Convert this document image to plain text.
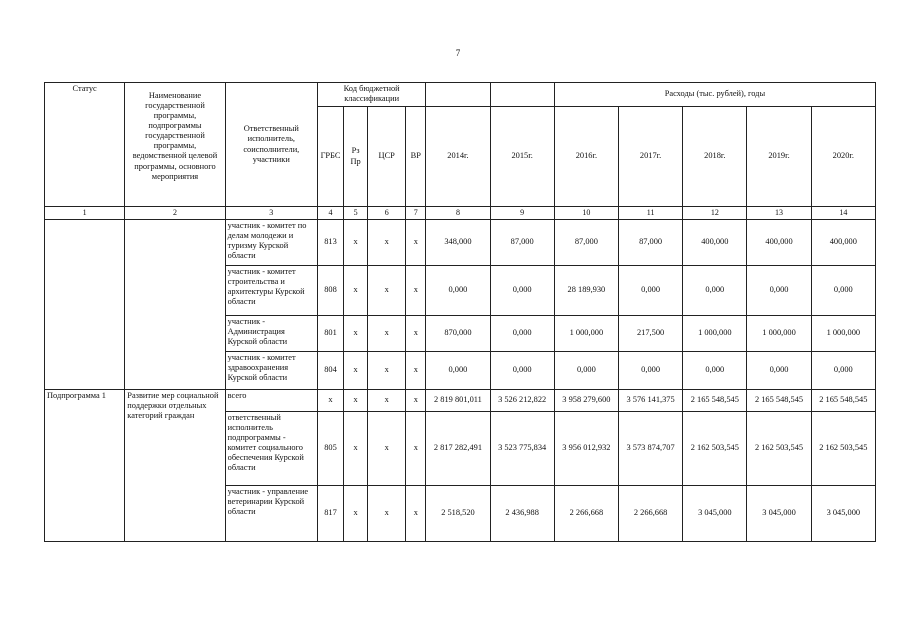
7
Статус	Наименование государственной программы, подпрограммы государственной программы, ведомственной целевой программы, основного мероприятия	Ответственный исполнитель, соисполнители, участники	Код бюджетной классификации						Расходы (тыс. рублей), годы				
			ГРБС	Рз Пр	ЦСР	ВР	2014г.	2015г.	2016г.	2017г.	2018г.	2019г.	2020г.
1	2	3	4	5	6	7	8	9	10	11	12	13	14
		участник - комитет по делам молодежи и туризму Курской области	813	x	x	x	348,000	87,000	87,000	87,000	400,000	400,000	400,000
		участник - комитет строительства и архитектуры Курской области	808	x	x	x	0,000	0,000	28 189,930	0,000	0,000	0,000	0,000
		участник - Администрация Курской области	801	x	x	x	870,000	0,000	1 000,000	217,500	1 000,000	1 000,000	1 000,000
		участник - комитет здравоохранения Курской области	804	x	x	x	0,000	0,000	0,000	0,000	0,000	0,000	0,000
Подпрограмма 1	Развитие мер социальной поддержки отдельных категорий граждан	всего	x	x	x	x	2 819 801,011	3 526 212,822	3 958 279,600	3 576 141,375	2 165 548,545	2 165 548,545	2 165 548,545
		ответственный исполнитель подпрограммы - комитет социального обеспечения Курской области	805	x	x	x	2 817 282,491	3 523 775,834	3 956 012,932	3 573 874,707	2 162 503,545	2 162 503,545	2 162 503,545
		участник - управление ветеринарии Курской области	817	x	x	x	2 518,520	2 436,988	2 266,668	2 266,668	3 045,000	3 045,000	3 045,000
